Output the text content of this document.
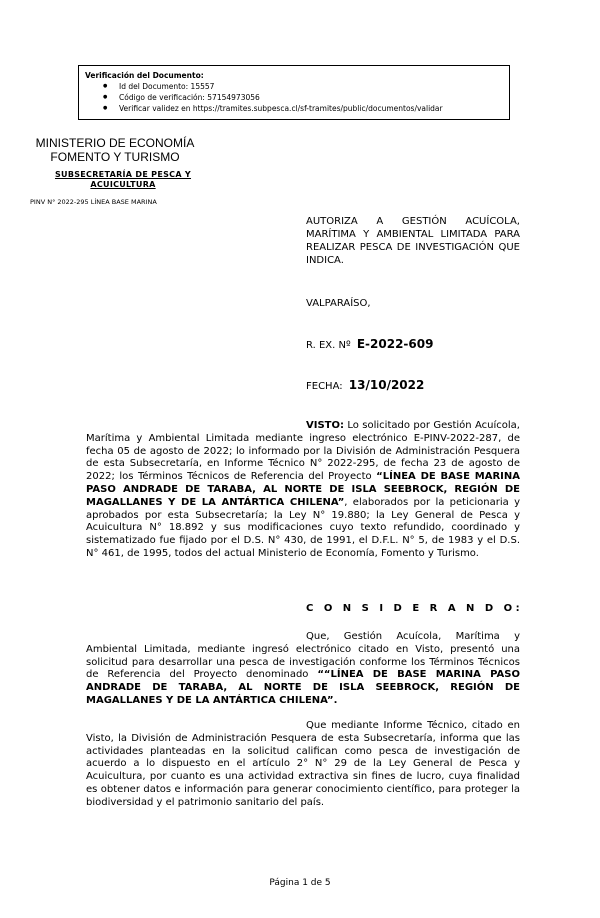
Verificación del Documento:
● Id del Documento: 15557
● Código de verificación: 57154973056
● Verificar validez en https://tramites.subpesca.cl/sf-tramites/public/documentos/validar
MINISTERIO DE ECONOMÍA
FOMENTO Y TURISMO
SUBSECRETARÍA DE PESCA Y
ACUICULTURA
PINV N° 2022-295 LÍNEA BASE MARINA
AUTORIZA A GESTIÓN ACUÍCOLA, MARÍTIMA Y AMBIENTAL LIMITADA PARA REALIZAR PESCA DE INVESTIGACIÓN QUE INDICA.
VALPARAÍSO,
R. EX. Nº E-2022-609
FECHA: 13/10/2022
VISTO: Lo solicitado por Gestión Acuícola, Marítima y Ambiental Limitada mediante ingreso electrónico E-PINV-2022-287, de fecha 05 de agosto de 2022; lo informado por la División de Administración Pesquera de esta Subsecretaría, en Informe Técnico N° 2022-295, de fecha 23 de agosto de 2022; los Términos Técnicos de Referencia del Proyecto “LÍNEA DE BASE MARINA PASO ANDRADE DE TARABA, AL NORTE DE ISLA SEEBROCK, REGIÓN DE MAGALLANES Y DE LA ANTÁRTICA CHILENA”, elaborados por la peticionaria y aprobados por esta Subsecretaría; la Ley N° 19.880; la Ley General de Pesca y Acuicultura N° 18.892 y sus modificaciones cuyo texto refundido, coordinado y sistematizado fue fijado por el D.S. N° 430, de 1991, el D.F.L. N° 5, de 1983 y el D.S. N° 461, de 1995, todos del actual Ministerio de Economía, Fomento y Turismo.
C O N S I D E R A N D O:
Que, Gestión Acuícola, Marítima y Ambiental Limitada, mediante ingresó electrónico citado en Visto, presentó una solicitud para desarrollar una pesca de investigación conforme los Términos Técnicos de Referencia del Proyecto denominado ““LÍNEA DE BASE MARINA PASO ANDRADE DE TARABA, AL NORTE DE ISLA SEEBROCK, REGIÓN DE MAGALLANES Y DE LA ANTÁRTICA CHILENA”.
Que mediante Informe Técnico, citado en Visto, la División de Administración Pesquera de esta Subsecretaría, informa que las actividades planteadas en la solicitud califican como pesca de investigación de acuerdo a lo dispuesto en el artículo 2° N° 29 de la Ley General de Pesca y Acuicultura, por cuanto es una actividad extractiva sin fines de lucro, cuya finalidad es obtener datos e información para generar conocimiento científico, para proteger la biodiversidad y el patrimonio sanitario del país.
Página 1 de 5
